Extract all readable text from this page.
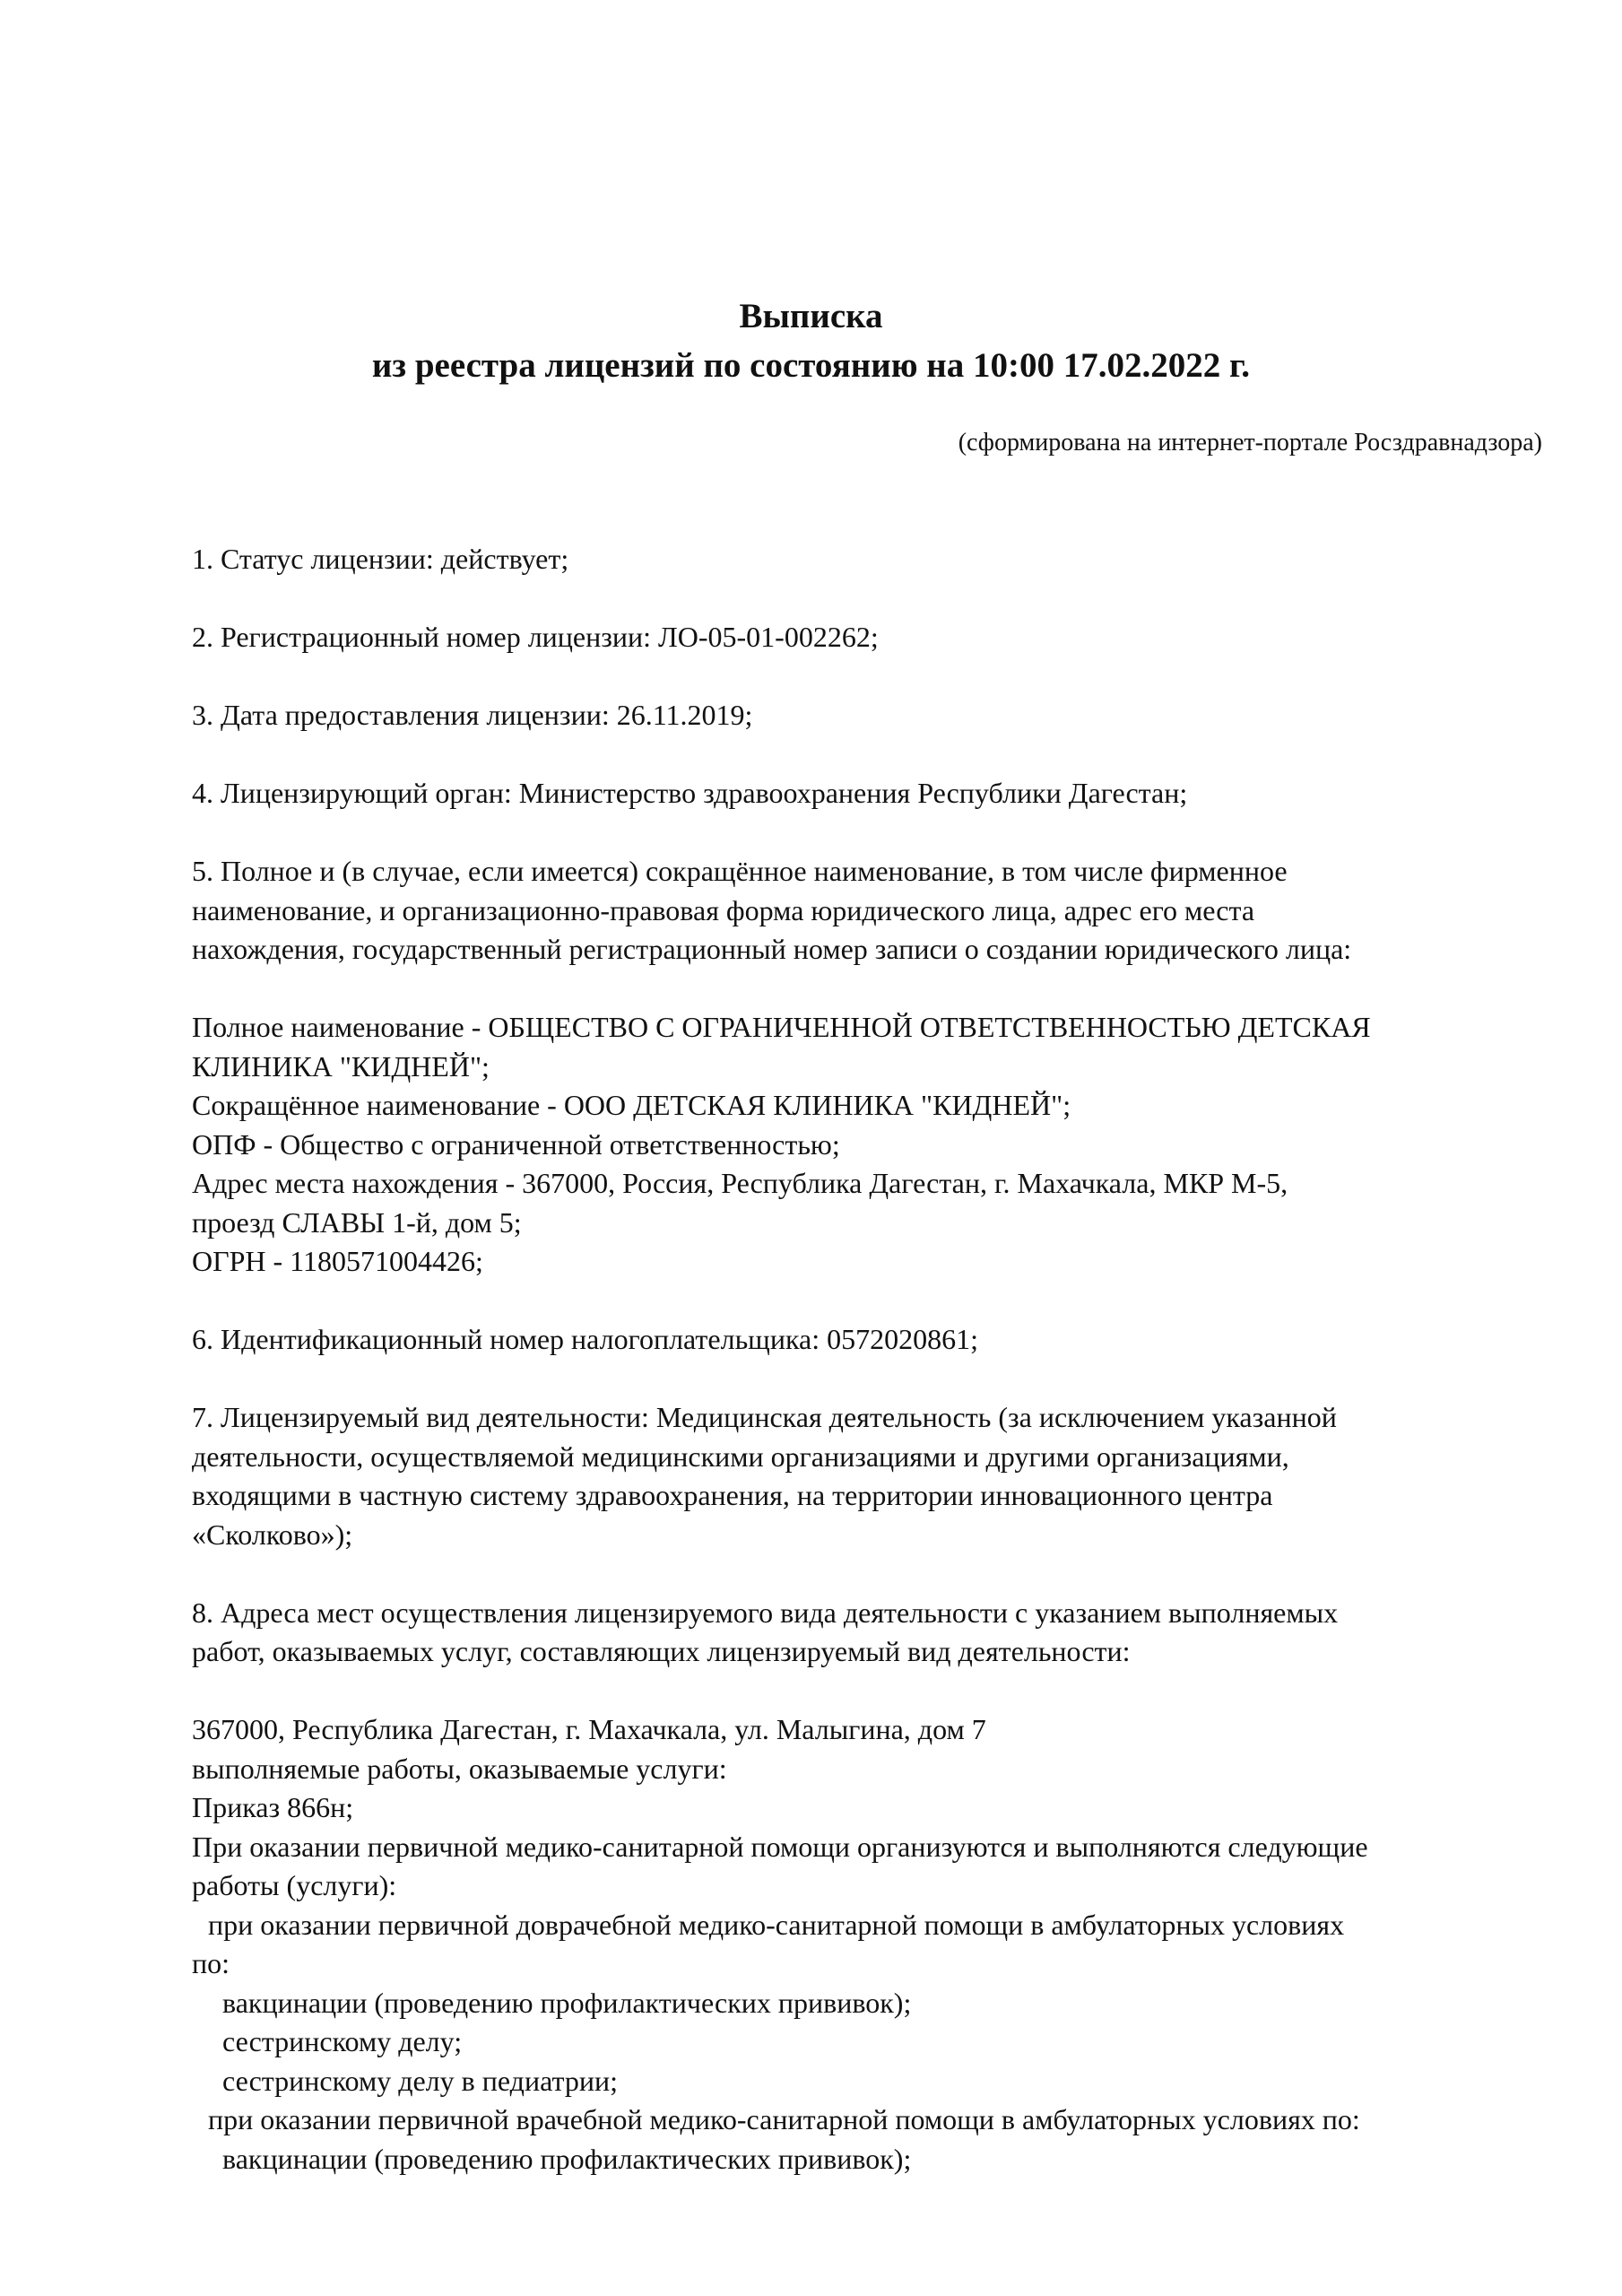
Выписка
из реестра лицензий по состоянию на 10:00 17.02.2022 г.
(сформирована на интернет-портале Росздравнадзора)

1. Статус лицензии: действует;

2. Регистрационный номер лицензии: ЛО-05-01-002262;

3. Дата предоставления лицензии: 26.11.2019;

4. Лицензирующий орган: Министерство здравоохранения Республики Дагестан;

5. Полное и (в случае, если имеется) сокращённое наименование, в том числе фирменное

наименование, и организационно-правовая форма юридического лица, адрес его места

нахождения, государственный регистрационный номер записи о создании юридического лица:

Полное наименование - ОБЩЕСТВО С ОГРАНИЧЕННОЙ ОТВЕТСТВЕННОСТЬЮ ДЕТСКАЯ

КЛИНИКА "КИДНЕЙ";

Сокращённое наименование - ООО ДЕТСКАЯ КЛИНИКА "КИДНЕЙ";

ОПФ - Общество с ограниченной ответственностью;

Адрес места нахождения - 367000, Россия, Республика Дагестан, г. Махачкала, МКР М-5,

проезд СЛАВЫ 1-й, дом 5;

ОГРН - 1180571004426;

6. Идентификационный номер налогоплательщика: 0572020861;

7. Лицензируемый вид деятельности: Медицинская деятельность (за исключением указанной

деятельности, осуществляемой медицинскими организациями и другими организациями,

входящими в частную систему здравоохранения, на территории инновационного центра

«Сколково»);

8. Адреса мест осуществления лицензируемого вида деятельности с указанием выполняемых

работ, оказываемых услуг, составляющих лицензируемый вид деятельности:

367000, Республика Дагестан, г. Махачкала, ул. Малыгина, дом 7

выполняемые работы, оказываемые услуги:

Приказ 866н;

При оказании первичной медико-санитарной помощи организуются и выполняются следующие

работы (услуги):

при оказании первичной доврачебной медико-санитарной помощи в амбулаторных условиях

по:

вакцинации (проведению профилактических прививок);

сестринскому делу;

сестринскому делу в педиатрии;

при оказании первичной врачебной медико-санитарной помощи в амбулаторных условиях по:

вакцинации (проведению профилактических прививок);
